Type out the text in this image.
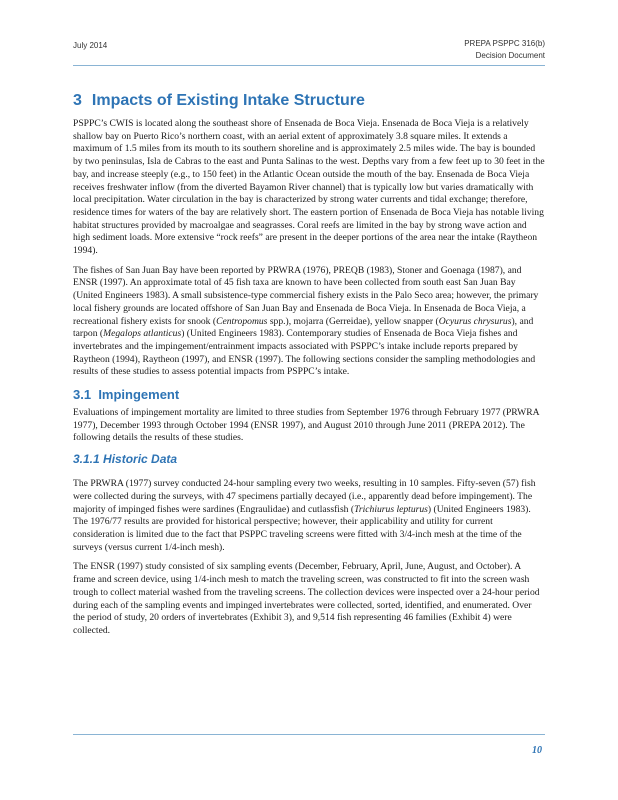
July 2014	PREPA PSPPC 316(b)
Decision Document
3 Impacts of Existing Intake Structure

PSPPC’s CWIS is located along the southeast shore of Ensenada de Boca Vieja. Ensenada de Boca Vieja is a relatively shallow bay on Puerto Rico’s northern coast, with an aerial extent of approximately 3.8 square miles. It extends a maximum of 1.5 miles from its mouth to its southern shoreline and is approximately 2.5 miles wide. The bay is bounded by two peninsulas, Isla de Cabras to the east and Punta Salinas to the west. Depths vary from a few feet up to 30 feet in the bay, and increase steeply (e.g., to 150 feet) in the Atlantic Ocean outside the mouth of the bay. Ensenada de Boca Vieja receives freshwater inflow (from the diverted Bayamon River channel) that is typically low but varies dramatically with local precipitation. Water circulation in the bay is characterized by strong water currents and tidal exchange; therefore, residence times for waters of the bay are relatively short. The eastern portion of Ensenada de Boca Vieja has notable living habitat structures provided by macroalgae and seagrasses. Coral reefs are limited in the bay by strong wave action and high sediment loads. More extensive “rock reefs” are present in the deeper portions of the area near the intake (Raytheon 1994).

The fishes of San Juan Bay have been reported by PRWRA (1976), PREQB (1983), Stoner and Goenaga (1987), and ENSR (1997). An approximate total of 45 fish taxa are known to have been collected from south east San Juan Bay (United Engineers 1983). A small subsistence-type commercial fishery exists in the Palo Seco area; however, the primary local fishery grounds are located offshore of San Juan Bay and Ensenada de Boca Vieja. In Ensenada de Boca Vieja, a recreational fishery exists for snook (Centropomus spp.), mojarra (Gerreidae), yellow snapper (Ocyurus chrysurus), and tarpon (Megalops atlanticus) (United Engineers 1983). Contemporary studies of Ensenada de Boca Vieja fishes and invertebrates and the impingement/entrainment impacts associated with PSPPC’s intake include reports prepared by Raytheon (1994), Raytheon (1997), and ENSR (1997). The following sections consider the sampling methodologies and results of these studies to assess potential impacts from PSPPC’s intake.

3.1 Impingement

Evaluations of impingement mortality are limited to three studies from September 1976 through February 1977 (PRWRA 1977), December 1993 through October 1994 (ENSR 1997), and August 2010 through June 2011 (PREPA 2012). The following details the results of these studies.

3.1.1 Historic Data

The PRWRA (1977) survey conducted 24-hour sampling every two weeks, resulting in 10 samples. Fifty-seven (57) fish were collected during the surveys, with 47 specimens partially decayed (i.e., apparently dead before impingement). The majority of impinged fishes were sardines (Engraulidae) and cutlassfish (Trichiurus lepturus) (United Engineers 1983). The 1976/77 results are provided for historical perspective; however, their applicability and utility for current consideration is limited due to the fact that PSPPC traveling screens were fitted with 3/4-inch mesh at the time of the surveys (versus current 1/4-inch mesh).

The ENSR (1997) study consisted of six sampling events (December, February, April, June, August, and October). A frame and screen device, using 1/4-inch mesh to match the traveling screen, was constructed to fit into the screen wash trough to collect material washed from the traveling screens. The collection devices were inspected over a 24-hour period during each of the sampling events and impinged invertebrates were collected, sorted, identified, and enumerated. Over the period of study, 20 orders of invertebrates (Exhibit 3), and 9,514 fish representing 46 families (Exhibit 4) were collected.

10
